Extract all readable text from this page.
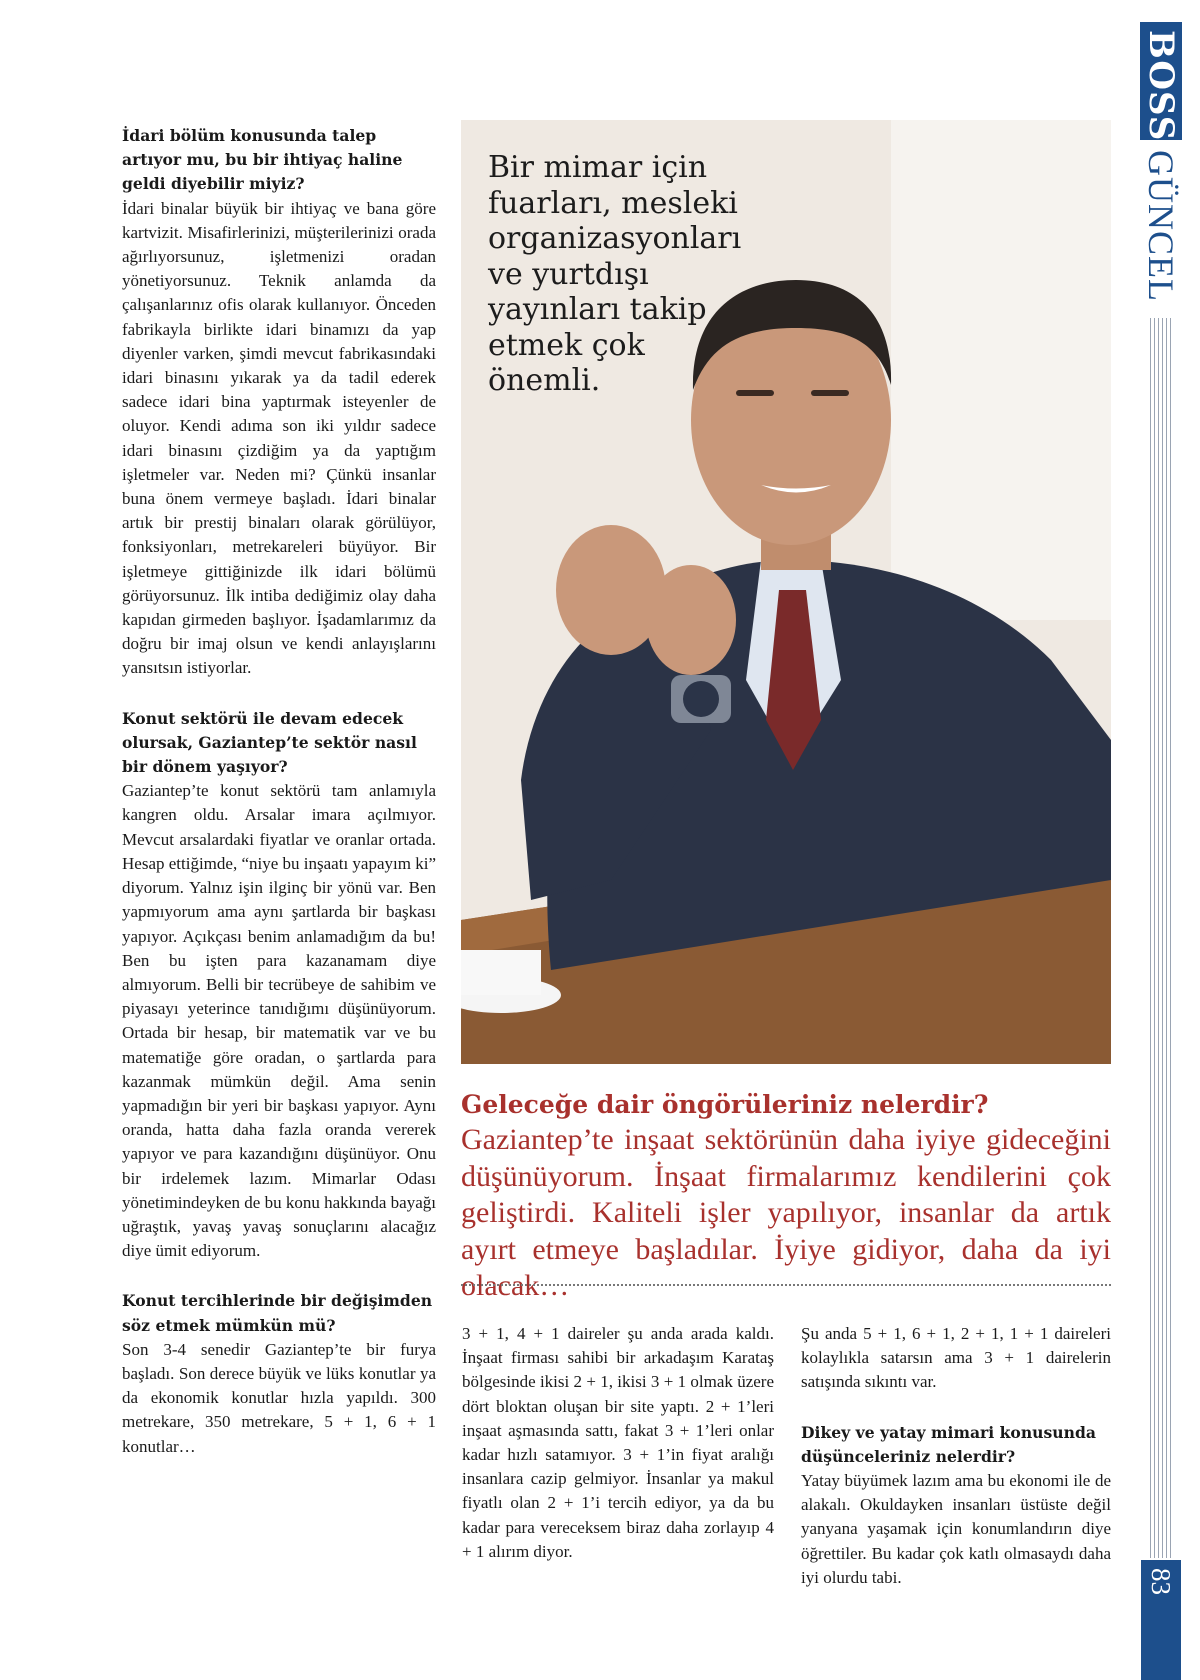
İdari bölüm konusunda talep artıyor mu, bu bir ihtiyaç haline geldi diyebilir miyiz?
İdari binalar büyük bir ihtiyaç ve bana göre kartvizit. Misafirlerinizi, müşterilerinizi orada ağırlıyorsunuz, işletmenizi oradan yönetiyorsunuz. Teknik anlamda da çalışanlarınız ofis olarak kullanıyor. Önceden fabrikayla birlikte idari binamızı da yap diyenler varken, şimdi mevcut fabrikasındaki idari binasını yıkarak ya da tadil ederek sadece idari bina yaptırmak isteyenler de oluyor. Kendi adıma son iki yıldır sadece idari binasını çizdiğim ya da yaptığım işletmeler var. Neden mi? Çünkü insanlar buna önem vermeye başladı. İdari binalar artık bir prestij binaları olarak görülüyor, fonksiyonları, metrekareleri büyüyor. Bir işletmeye gittiğinizde ilk idari bölümü görüyorsunuz. İlk intiba dediğimiz olay daha kapıdan girmeden başlıyor. İşadamlarımız da doğru bir imaj olsun ve kendi anlayışlarını yansıtsın istiyorlar.

Konut sektörü ile devam edecek olursak, Gaziantep’te sektör nasıl bir dönem yaşıyor?
Gaziantep’te konut sektörü tam anlamıyla kangren oldu. Arsalar imara açılmıyor. Mevcut arsalardaki fiyatlar ve oranlar ortada. Hesap ettiğimde, “niye bu inşaatı yapayım ki” diyorum. Yalnız işin ilginç bir yönü var. Ben yapmıyorum ama aynı şartlarda bir başkası yapıyor. Açıkçası benim anlamadığım da bu! Ben bu işten para kazanamam diye almıyorum. Belli bir tecrübeye de sahibim ve piyasayı yeterince tanıdığımı düşünüyorum. Ortada bir hesap, bir matematik var ve bu matematiğe göre oradan, o şartlarda para kazanmak mümkün değil. Ama senin yapmadığın bir yeri bir başkası yapıyor. Aynı oranda, hatta daha fazla oranda vererek yapıyor ve para kazandığını düşünüyor. Onu bir irdelemek lazım. Mimarlar Odası yönetimindeyken de bu konu hakkında bayağı uğraştık, yavaş yavaş sonuçlarını alacağız diye ümit ediyorum.

Konut tercihlerinde bir değişimden söz etmek mümkün mü?
Son 3-4 senedir Gaziantep’te bir furya başladı. Son derece büyük ve lüks konutlar ya da ekonomik konutlar hızla yapıldı. 300 metrekare, 350 metrekare, 5 + 1, 6 + 1 konutlar…

Bir mimar için fuarları, mesleki organizasyonları ve yurtdışı yayınları takip etmek çok önemli.
Geleceğe dair öngörüleriniz nelerdir?
Gaziantep’te inşaat sektörünün daha iyiye gideceğini düşünüyorum. İnşaat firmalarımız kendilerini çok geliştirdi. Kaliteli işler yapılıyor, insanlar da artık ayırt etmeye başladılar. İyiye gidiyor, daha da iyi olacak…

3 + 1, 4 + 1 daireler şu anda arada kaldı. İnşaat firması sahibi bir arkadaşım Karataş bölgesinde ikisi 2 + 1, ikisi 3 + 1 olmak üzere dört bloktan oluşan bir site yaptı. 2 + 1’leri inşaat aşmasında sattı, fakat 3 + 1’leri onlar kadar hızlı satamıyor. 3 + 1’in fiyat aralığı insanlara cazip gelmiyor. İnsanlar ya makul fiyatlı olan 2 + 1’i tercih ediyor, ya da bu kadar para vereceksem biraz daha zorlayıp 4 + 1 alırım diyor.

Şu anda 5 + 1, 6 + 1, 2 + 1, 1 + 1 daireleri kolaylıkla satarsın ama 3 + 1 dairelerin satışında sıkıntı var.

Dikey ve yatay mimari konusunda düşünceleriniz nelerdir?
Yatay büyümek lazım ama bu ekonomi ile de alakalı. Okuldayken insanları üstüste değil yanyana yaşamak için konumlandırın diye öğrettiler. Bu kadar çok katlı olmasaydı daha iyi olurdu tabi.

BOSS
GÜNCEL
83
